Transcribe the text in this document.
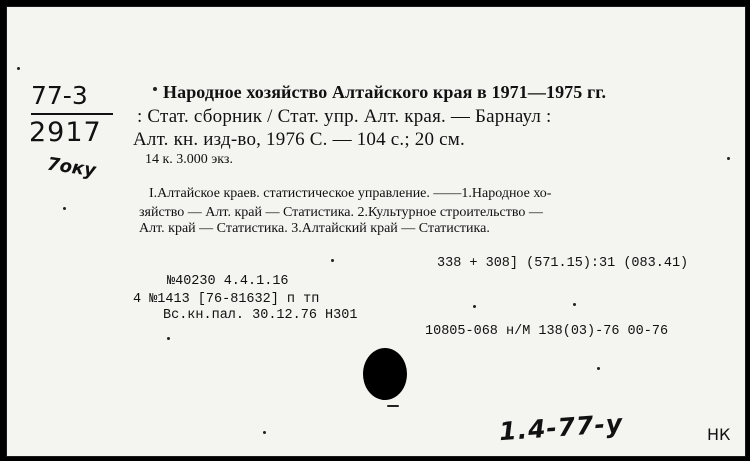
77-3
2917
7оку
Народное хозяйство Алтайского края в 1971—1975 гг.
: Стат. сборник / Стат. упр. Алт. края. — Барнаул :
Алт. кн. изд-во, 1976 С. — 104 с.; 20 см.
14 к. 3.000 экз.
I.Алтайское краев. статистическое управление. ——1.Народное хо-
зяйство — Алт. край — Статистика. 2.Культурное строительство —
Алт. край — Статистика. 3.Алтайский край — Статистика.
338 + 308] (571.15):31 (083.41)
№40230 4.4.1.16
4 №1413 [76-81632] п тп
Вс.кн.пал. 30.12.76 Н301
10805-068 н/М 138(03)-76 00-76
1.4-77-у	НК
